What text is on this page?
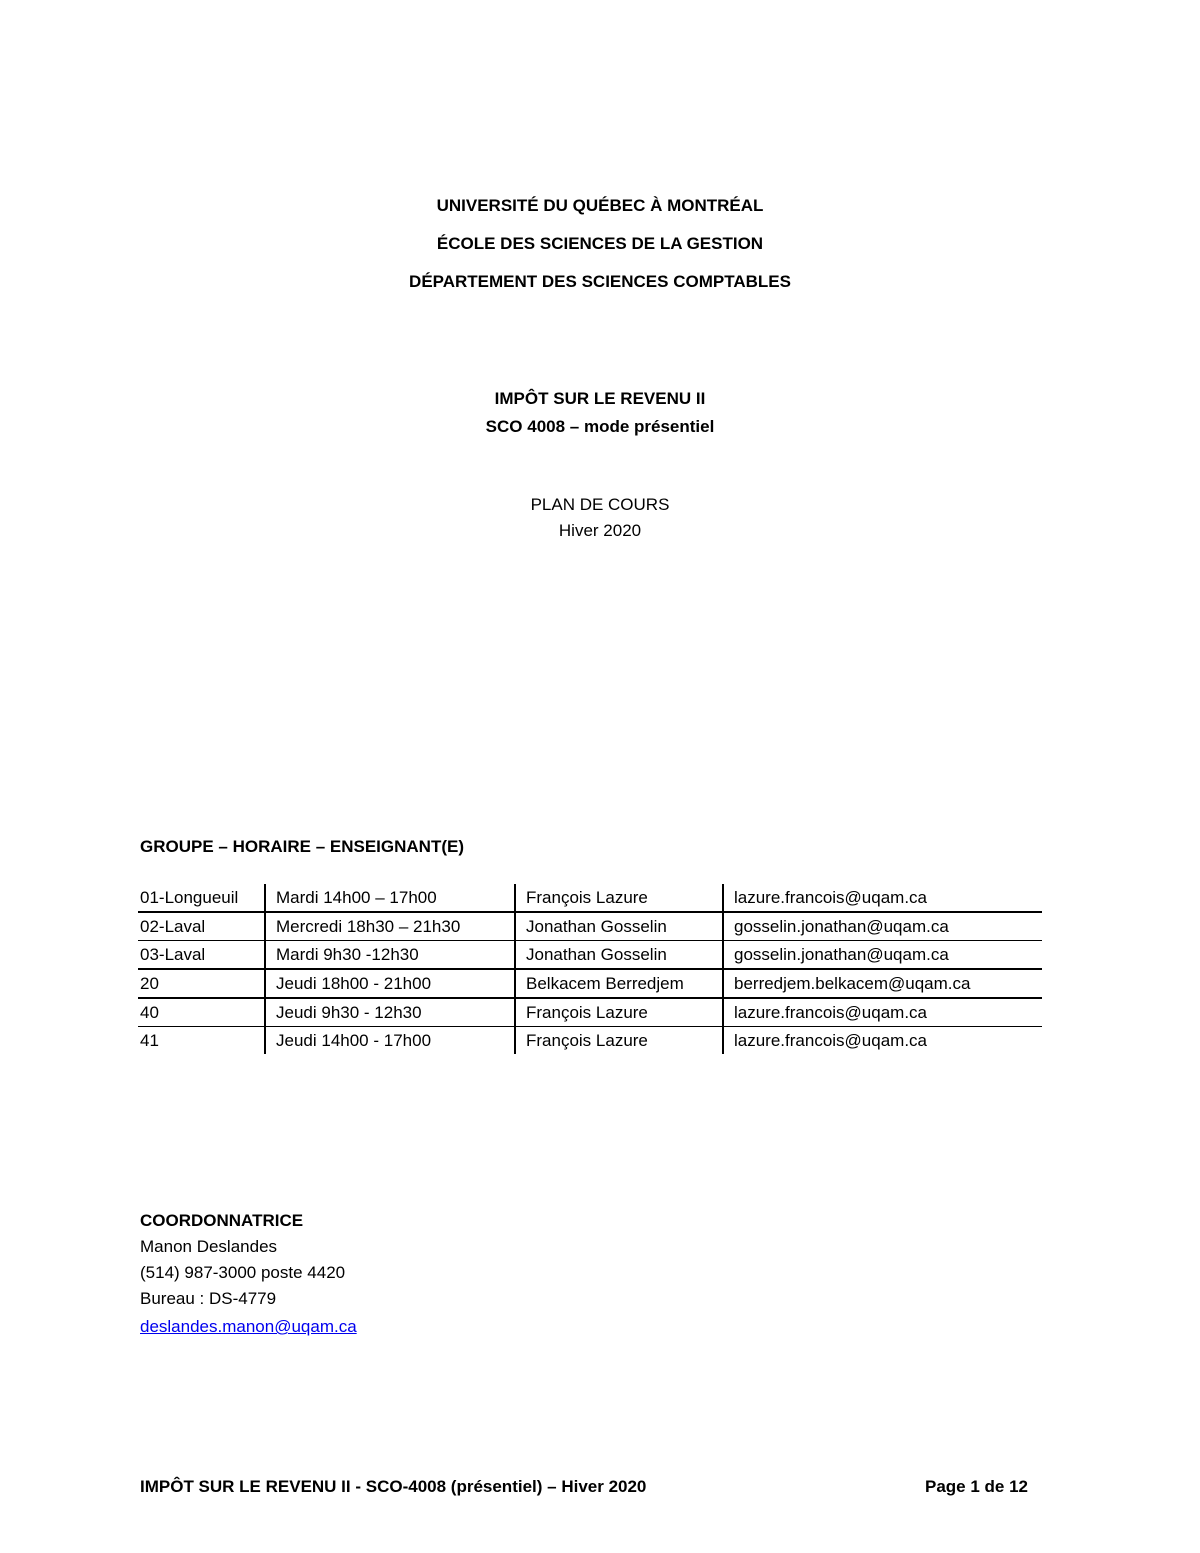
UNIVERSITÉ DU QUÉBEC À MONTRÉAL
ÉCOLE DES SCIENCES DE LA GESTION
DÉPARTEMENT DES SCIENCES COMPTABLES
IMPÔT SUR LE REVENU II
SCO 4008 – mode présentiel
PLAN DE COURS
Hiver 2020
GROUPE – HORAIRE – ENSEIGNANT(E)
01-Longueuil	Mardi 14h00 – 17h00	François Lazure	lazure.francois@uqam.ca
02-Laval	Mercredi 18h30 – 21h30	Jonathan Gosselin	gosselin.jonathan@uqam.ca
03-Laval	Mardi 9h30 -12h30	Jonathan Gosselin	gosselin.jonathan@uqam.ca
20	Jeudi 18h00 - 21h00	Belkacem Berredjem	berredjem.belkacem@uqam.ca
40	Jeudi 9h30 - 12h30	François Lazure	lazure.francois@uqam.ca
41	Jeudi 14h00 - 17h00	François Lazure	lazure.francois@uqam.ca
COORDONNATRICE
Manon Deslandes
(514) 987-3000 poste 4420
Bureau : DS-4779
deslandes.manon@uqam.ca
IMPÔT SUR LE REVENU II - SCO-4008 (présentiel) – Hiver 2020	Page 1 de 12
